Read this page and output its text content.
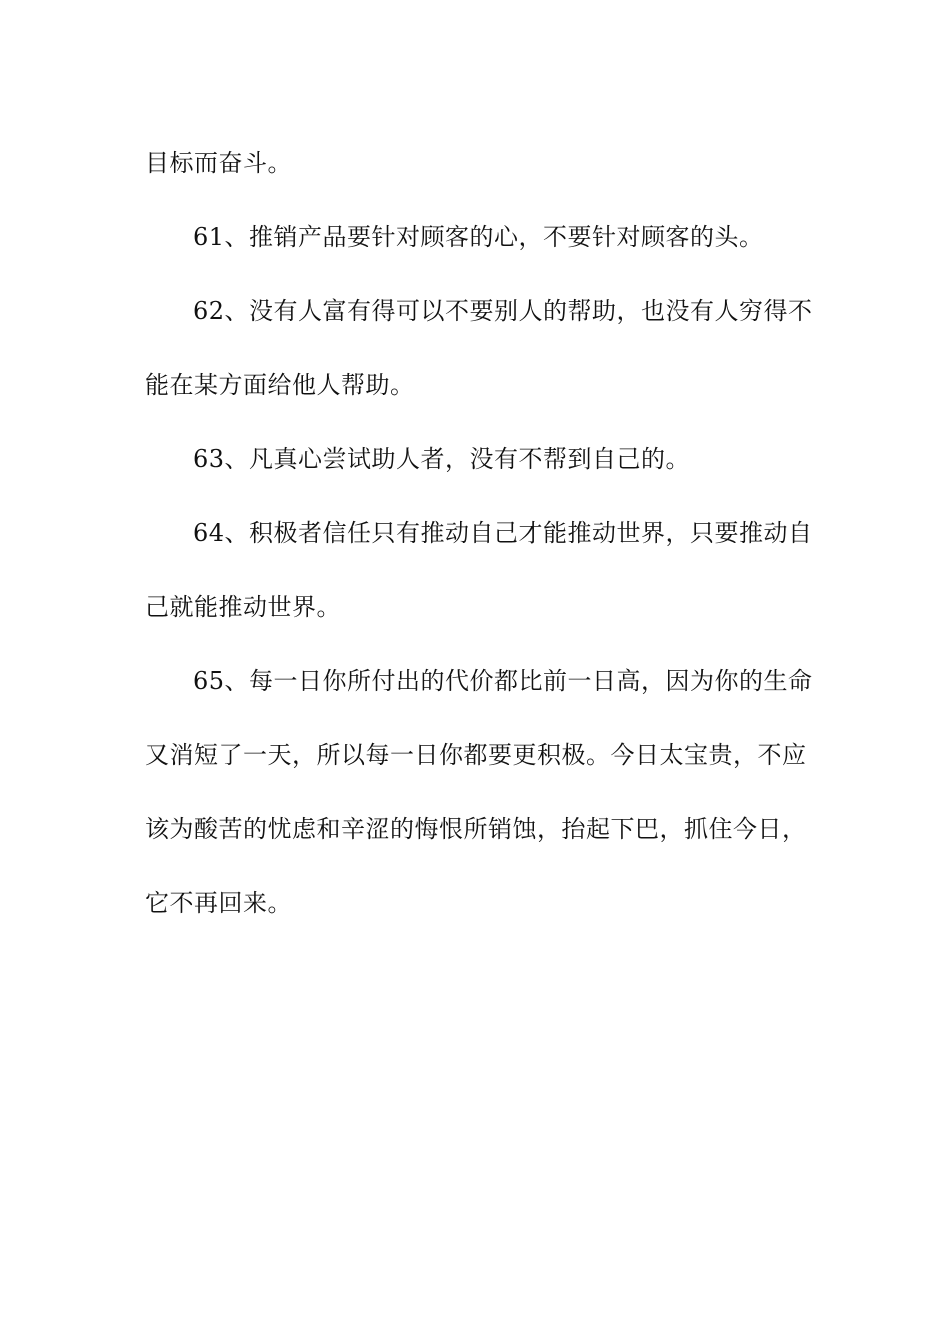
目标而奋斗。

61、推销产品要针对顾客的心，不要针对顾客的头。

62、没有人富有得可以不要别人的帮助，也没有人穷得不

能在某方面给他人帮助。

63、凡真心尝试助人者，没有不帮到自己的。

64、积极者信任只有推动自己才能推动世界，只要推动自

己就能推动世界。

65、每一日你所付出的代价都比前一日高，因为你的生命

又消短了一天，所以每一日你都要更积极。今日太宝贵，不应

该为酸苦的忧虑和辛涩的悔恨所销蚀，抬起下巴，抓住今日，

它不再回来。
